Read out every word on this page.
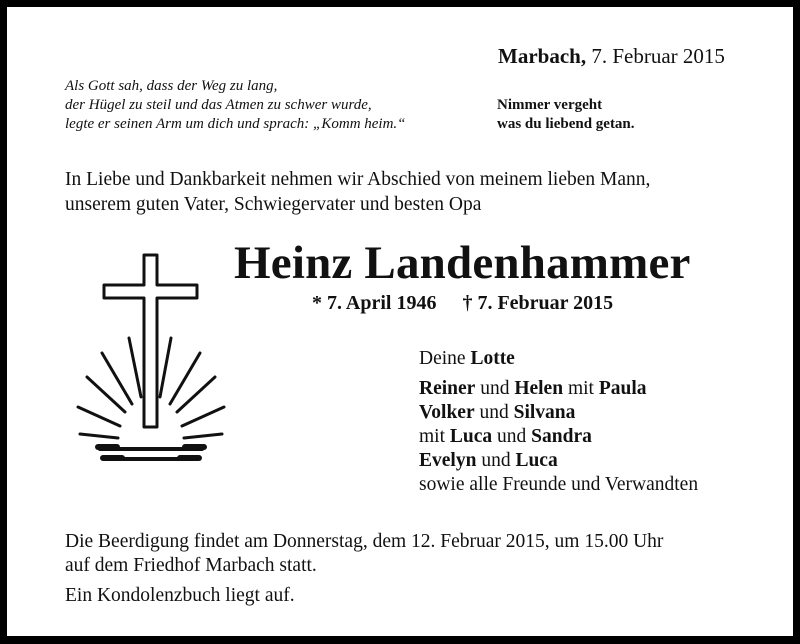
Marbach, 7. Februar 2015
Als Gott sah, dass der Weg zu lang,
der Hügel zu steil und das Atmen zu schwer wurde,
legte er seinen Arm um dich und sprach: „Komm heim.“
Nimmer vergeht
was du liebend getan.
In Liebe und Dankbarkeit nehmen wir Abschied von meinem lieben Mann,
unserem guten Vater, Schwiegervater und besten Opa
Heinz Landenhammer
* 7. April 1946 † 7. Februar 2015
Deine Lotte
Reiner und Helen mit Paula
Volker und Silvana
mit Luca und Sandra
Evelyn und Luca
sowie alle Freunde und Verwandten
Die Beerdigung findet am Donnerstag, dem 12. Februar 2015, um 15.00 Uhr
auf dem Friedhof Marbach statt.
Ein Kondolenzbuch liegt auf.
